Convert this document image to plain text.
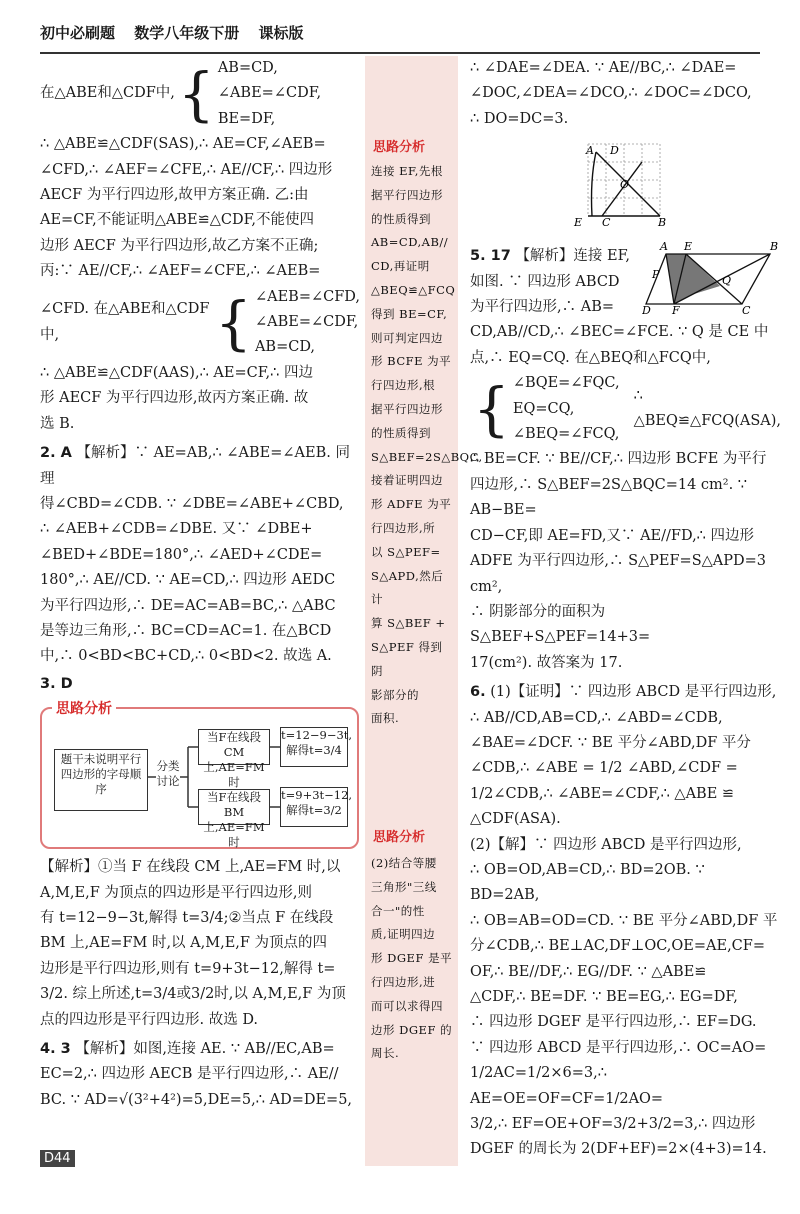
初中必刷题 数学八年级下册 课标版

在△ABE和△CDF中, { AB=CD,

∠ABE=∠CDF,

BE=DF,

∴ △ABE≌△CDF(SAS),∴ AE=CF,∠AEB=

∠CFD,∴ ∠AEF=∠CFE,∴ AE//CF,∴ 四边形

AECF 为平行四边形,故甲方案正确. 乙:由

AE=CF,不能证明△ABE≌△CDF,不能使四

边形 AECF 为平行四边形,故乙方案不正确;

丙:∵ AE//CF,∴ ∠AEF=∠CFE,∴ ∠AEB=

∠CFD. 在△ABE和△CDF中,	{ ∠AEB=∠CFD,

∠ABE=∠CDF,

AB=CD,

∴ △ABE≌△CDF(AAS),∴ AE=CF,∴ 四边

形 AECF 为平行四边形,故丙方案正确. 故

选 B.

2. A 【解析】∵ AE=AB,∴ ∠ABE=∠AEB. 同理

得∠CBD=∠CDB. ∵ ∠DBE=∠ABE+∠CBD,

∴ ∠AEB+∠CDB=∠DBE. 又∵ ∠DBE+

∠BED+∠BDE=180°,∴ ∠AED+∠CDE=

180°,∴ AE//CD. ∵ AE=CD,∴ 四边形 AEDC

为平行四边形,∴ DE=AC=AB=BC,∴ △ABC

是等边三角形,∴ BC=CD=AC=1. 在△BCD

中,∴ 0<BD<BC+CD,∴ 0<BD<2. 故选 A.

3. D

思路分析
题干未说明平行四边形的字母顺序
分类讨论
当F在线段CM上,AE=FM时
当F在线段BM上,AE=FM时
t=12−9−3t,解得t=3/4
t=9+3t−12,解得t=3/2

【解析】①当 F 在线段 CM 上,AE=FM 时,以

A,M,E,F 为顶点的四边形是平行四边形,则

有 t=12−9−3t,解得 t=3/4;②当点 F 在线段

BM 上,AE=FM 时,以 A,M,E,F 为顶点的四

边形是平行四边形,则有 t=9+3t−12,解得 t=

3/2. 综上所述,t=3/4或3/2时,以 A,M,E,F 为顶

点的四边形是平行四边形. 故选 D.

4. 3 【解析】如图,连接 AE. ∵ AB//EC,AB=

EC=2,∴ 四边形 AECB 是平行四边形,∴ AE//

BC. ∵ AD=√(3²+4²)=5,DE=5,∴ AD=DE=5,

思路分析
连接 EF,先根
据平行四边形
的性质得到
AB=CD,AB//
CD,再证明
△BEQ≌△FCQ
得到 BE=CF,
则可判定四边
形 BCFE 为平
行四边形,根
据平行四边形
的性质得到
S△BEF=2S△BQC,
接着证明四边
形 ADFE 为平
行四边形,所
以 S△PEF=
S△APD,然后计
算 S△BEF +
S△PEF 得到阴
影部分的
面积.
思路分析
(2)结合等腰
三角形"三线
合一"的性
质,证明四边
形 DGEF 是平
行四边形,进
而可以求得四
边形 DGEF 的
周长.

∴ ∠DAE=∠DEA. ∵ AE//BC,∴ ∠DAE=

∠DOC,∠DEA=∠DCO,∴ ∠DOC=∠DCO,

∴ DO=DC=3.

5. 17 【解析】连接 EF,

如图. ∵ 四边形 ABCD

为平行四边形,∴ AB=

CD,AB//CD,∴ ∠BEC=∠FCE. ∵ Q 是 CE 中

点,∴ EQ=CQ. 在△BEQ和△FCQ中,

{ ∠BQE=∠FQC,

EQ=CQ,

∠BEQ=∠FCQ,

∴ △BEQ≌△FCQ(ASA),

∴ BE=CF. ∵ BE//CF,∴ 四边形 BCFE 为平行

四边形,∴ S△BEF=2S△BQC=14 cm². ∵ AB−BE=

CD−CF,即 AE=FD,又∵ AE//FD,∴ 四边形

ADFE 为平行四边形,∴ S△PEF=S△APD=3 cm²,

∴ 阴影部分的面积为 S△BEF+S△PEF=14+3=

17(cm²). 故答案为 17.

6. (1)【证明】∵ 四边形 ABCD 是平行四边形,

∴ AB//CD,AB=CD,∴ ∠ABD=∠CDB,

∠BAE=∠DCF. ∵ BE 平分∠ABD,DF 平分

∠CDB,∴ ∠ABE = 1/2 ∠ABD,∠CDF =

1/2∠CDB,∴ ∠ABE=∠CDF,∴ △ABE ≌

△CDF(ASA).

(2)【解】∵ 四边形 ABCD 是平行四边形,

∴ OB=OD,AB=CD,∴ BD=2OB. ∵ BD=2AB,

∴ OB=AB=OD=CD. ∵ BE 平分∠ABD,DF 平

分∠CDB,∴ BE⊥AC,DF⊥OC,OE=AE,CF=

OF,∴ BE//DF,∴ EG//DF. ∵ △ABE≌

△CDF,∴ BE=DF. ∵ BE=EG,∴ EG=DF,

∴ 四边形 DGEF 是平行四边形,∴ EF=DG.

∵ 四边形 ABCD 是平行四边形,∴ OC=AO=

1/2AC=1/2×6=3,∴ AE=OE=OF=CF=1/2AO=

3/2,∴ EF=OE+OF=3/2+3/2=3,∴ 四边形

DGEF 的周长为 2(DF+EF)=2×(4+3)=14.

A D
O
E C	B
A E	B
P	Q
D F	C
D44
